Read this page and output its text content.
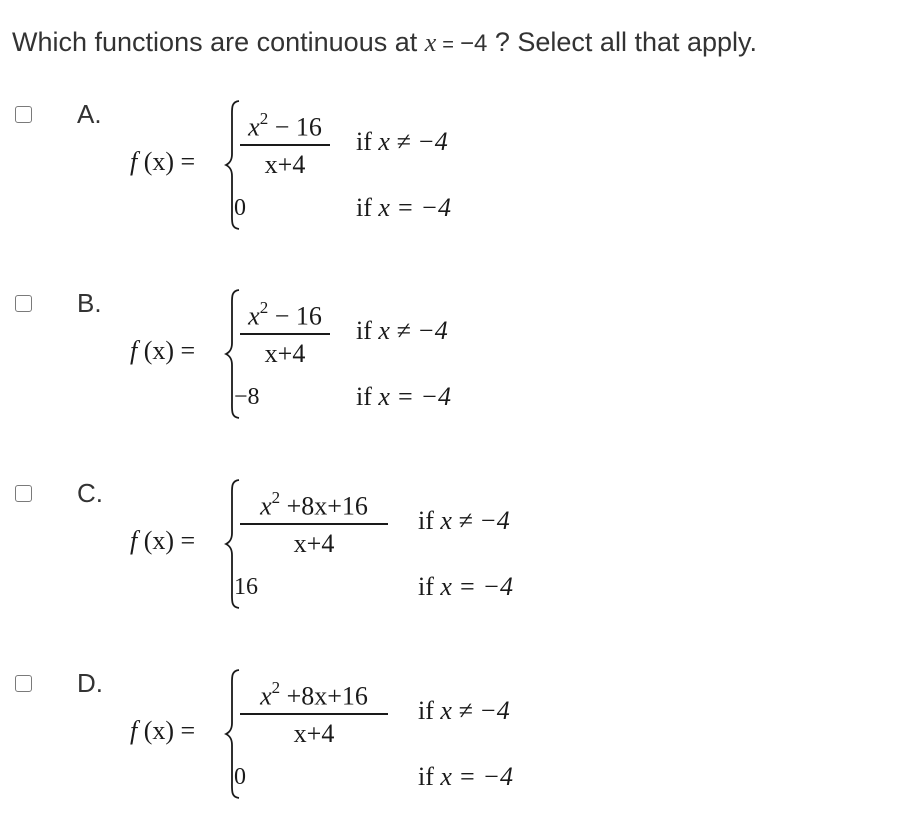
Which functions are continuous at x = −4 ? Select all that apply.
A.
f (x) =
$x^2 - 16$
x+4
if x ≠ −4
0	if x = −4
B.
f (x) =
$x^2 - 16$
x+4
if x ≠ −4
−8	if x = −4
C.
f (x) =
$x^2 +8x+16$
x+4
if x ≠ −4
16	if x = −4
D.
f (x) =
$x^2 +8x+16$
x+4
if x ≠ −4
0	if x = −4
